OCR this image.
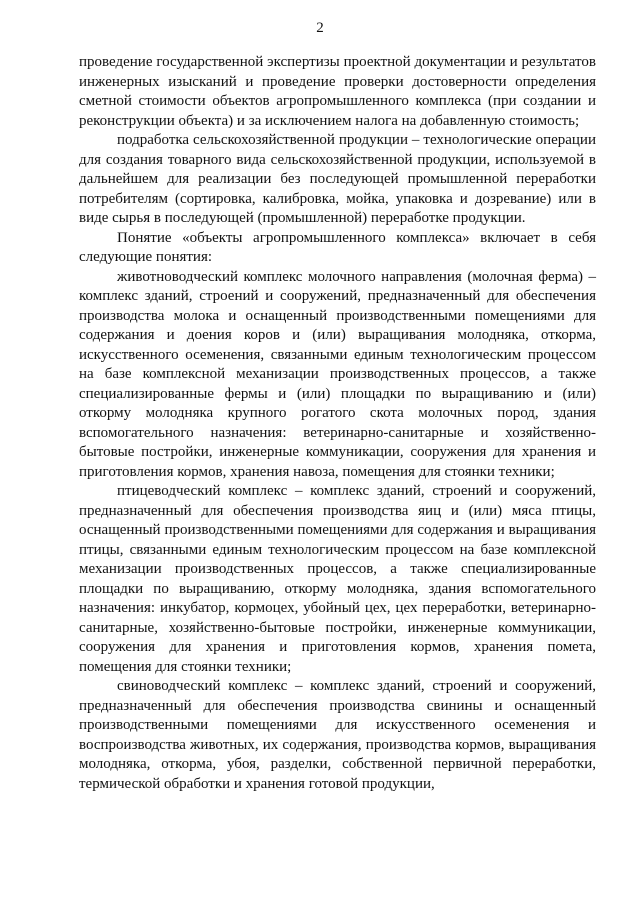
2

проведение государственной экспертизы проектной документации и результатов инженерных изысканий и проведение проверки достоверности определения сметной стоимости объектов агропромышленного комплекса (при создании и реконструкции объекта) и за исключением налога на добавленную стоимость;

подработка сельскохозяйственной продукции – технологические операции для создания товарного вида сельскохозяйственной продукции, используемой в дальнейшем для реализации без последующей промышленной переработки потребителям (сортировка, калибровка, мойка, упаковка и дозревание) или в виде сырья в последующей (промышленной) переработке продукции.

Понятие «объекты агропромышленного комплекса» включает в себя следующие понятия:

животноводческий комплекс молочного направления (молочная ферма) – комплекс зданий, строений и сооружений, предназначенный для обеспечения производства молока и оснащенный производственными помещениями для содержания и доения коров и (или) выращивания молодняка, откорма, искусственного осеменения, связанными единым технологическим процессом на базе комплексной механизации производственных процессов, а также специализированные фермы и (или) площадки по выращиванию и (или) откорму молодняка крупного рогатого скота молочных пород, здания вспомогательного назначения: ветеринарно-санитарные и хозяйственно-бытовые постройки, инженерные коммуникации, сооружения для хранения и приготовления кормов, хранения навоза, помещения для стоянки техники;

птицеводческий комплекс – комплекс зданий, строений и сооружений, предназначенный для обеспечения производства яиц и (или) мяса птицы, оснащенный производственными помещениями для содержания и выращивания птицы, связанными единым технологическим процессом на базе комплексной механизации производственных процессов, а также специализированные площадки по выращиванию, откорму молодняка, здания вспомогательного назначения: инкубатор, кормоцех, убойный цех, цех переработки, ветеринарно-санитарные, хозяйственно-бытовые постройки, инженерные коммуникации, сооружения для хранения и приготовления кормов, хранения помета, помещения для стоянки техники;

свиноводческий комплекс – комплекс зданий, строений и сооружений, предназначенный для обеспечения производства свинины и оснащенный производственными помещениями для искусственного осеменения и воспроизводства животных, их содержания, производства кормов, выращивания молодняка, откорма, убоя, разделки, собственной первичной переработки, термической обработки и хранения готовой продукции,
